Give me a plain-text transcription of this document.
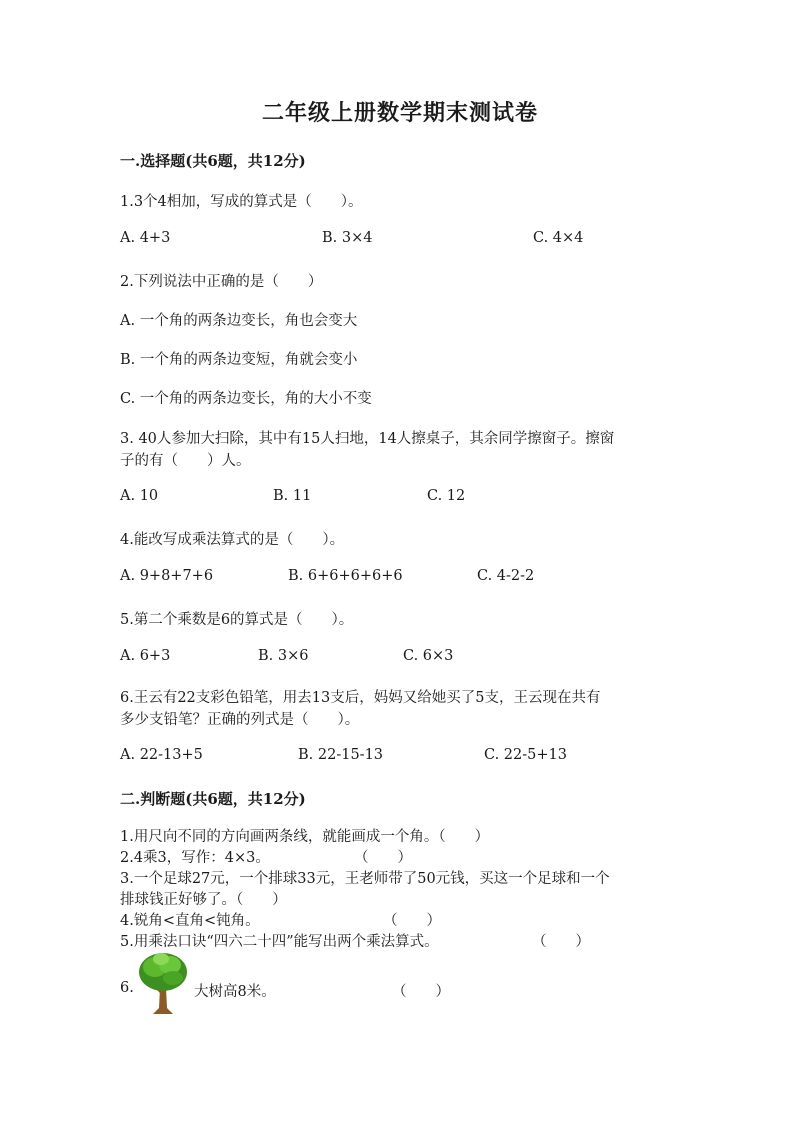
二年级上册数学期末测试卷
一.选择题(共6题，共12分)
1.3个4相加，写成的算式是（　　）。
A. 4+3	B. 3×4	C. 4×4
2.下列说法中正确的是（　　）
A. 一个角的两条边变长，角也会变大
B. 一个角的两条边变短，角就会变小
C. 一个角的两条边变长，角的大小不变
3. 40人参加大扫除，其中有15人扫地，14人擦桌子，其余同学擦窗子。擦窗
子的有（　　）人。
A. 10	B. 11	C. 12
4.能改写成乘法算式的是（　　）。
A. 9+8+7+6	B. 6+6+6+6+6	C. 4-2-2
5.第二个乘数是6的算式是（　　）。
A. 6+3	B. 3×6	C. 6×3
6.王云有22支彩色铅笔，用去13支后，妈妈又给她买了5支，王云现在共有
多少支铅笔？正确的列式是（　　）。
A. 22-13+5	B. 22-15-13	C. 22-5+13
二.判断题(共6题，共12分)
1.用尺向不同的方向画两条线，就能画成一个角。（　　）
2.4乘3，写作：4×3。	（　　）
3.一个足球27元，一个排球33元，王老师带了50元钱，买这一个足球和一个
排球钱正好够了。（　　）
4.锐角<直角<钝角。	（　　）
5.用乘法口诀“四六二十四”能写出两个乘法算式。	（　　）
6.	大树高8米。	（　　）
